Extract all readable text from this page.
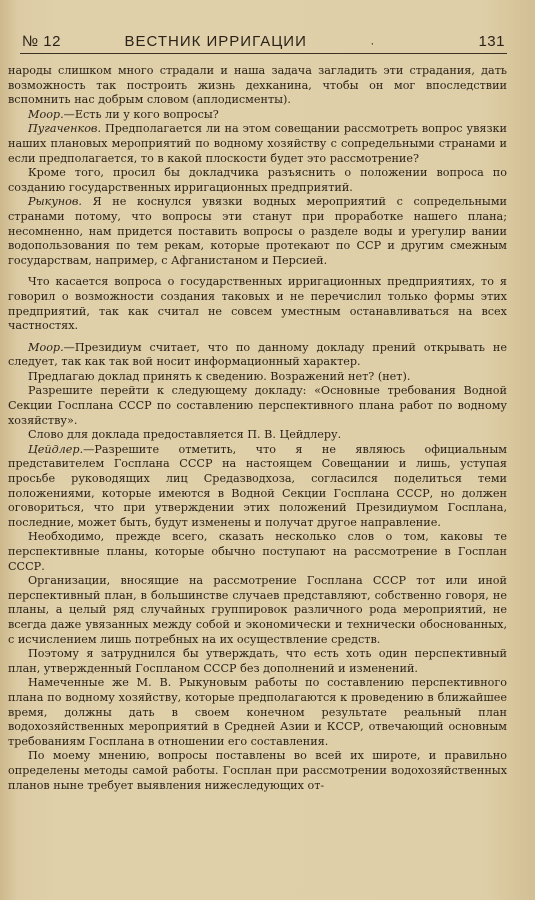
№ 12	ВЕСТНИК ИРРИГАЦИИ	·	131

народы слишком много страдали и наша задача загладить эти страдания, дать возможность так построить жизнь дехканина, чтобы он мог впоследствии вспомнить нас добрым словом (аплодисменты).

Моор.—Есть ли у кого вопросы?

Пугаченков. Предполагается ли на этом совещании рассмотреть вопрос увязки наших плановых мероприятий по водному хозяйству с сопредельными странами и если предполагается, то в какой плоскости будет это рассмотрение?

Кроме того, просил бы докладчика разъяснить о положении вопроса по созданию государственных ирригационных предприятий.

Рыкунов. Я не коснулся увязки водных мероприятий с сопредельными странами потому, что вопросы эти станут при проработке нашего плана; несомненно, нам придется поставить вопросы о разделе воды и урегулир вании водопользования по тем рекам, которые протекают по ССР и другим смежным государствам, например, с Афганистаном и Персией.

Что касается вопроса о государственных ирригационных предприятиях, то я говорил о возможности создания таковых и не перечислил только формы этих предприятий, так как считал не совсем уместным останавливаться на всех частностях.

Моор.—Президиум считает, что по данному докладу прений открывать не следует, так как так вой носит информационный характер.

Предлагаю доклад принять к сведению. Возражений нет? (нет).

Разрешите перейти к следующему докладу: «Основные требования Водной Секции Госплана СССР по составлению перспективного плана работ по водному хозяйству».

Слово для доклада предоставляется П. В. Цейдлеру.

Цейдлер.—Разрешите отметить, что я не являюсь официальным представителем Госплана СССР на настоящем Совещании и лишь, уступая просьбе руководящих лиц Средазводхоза, согласился поделиться теми положениями, которые имеются в Водной Секции Госплана СССР, но должен оговориться, что при утверждении этих положений Президиумом Госплана, последние, может быть, будут изменены и получат другое направление.

Необходимо, прежде всего, сказать несколько слов о том, каковы те перспективные планы, которые обычно поступают на рассмотрение в Госплан СССР.

Организации, вносящие на рассмотрение Госплана СССР тот или иной перспективный план, в большинстве случаев представляют, собственно говоря, не планы, а целый ряд случайных группировок различного рода мероприятий, не всегда даже увязанных между собой и экономически и технически обоснованных, с исчислением лишь потребных на их осуществление средств.

Поэтому я затруднился бы утверждать, что есть хоть один перспективный план, утвержденный Госпланом СССР без дополнений и изменений.

Намеченные же М. В. Рыкуновым работы по составлению перспективного плана по водному хозяйству, которые предполагаются к проведению в ближайшее время, должны дать в своем конечном результате реальный план водохозяйственных мероприятий в Средней Азии и КССР, отвечающий основным требованиям Госплана в отношении его составления.

По моему мнению, вопросы поставлены во всей их широте, и правильно определены методы самой работы. Госплан при рассмотрении водохозяйственных планов ныне требует выявления нижеследующих от-
